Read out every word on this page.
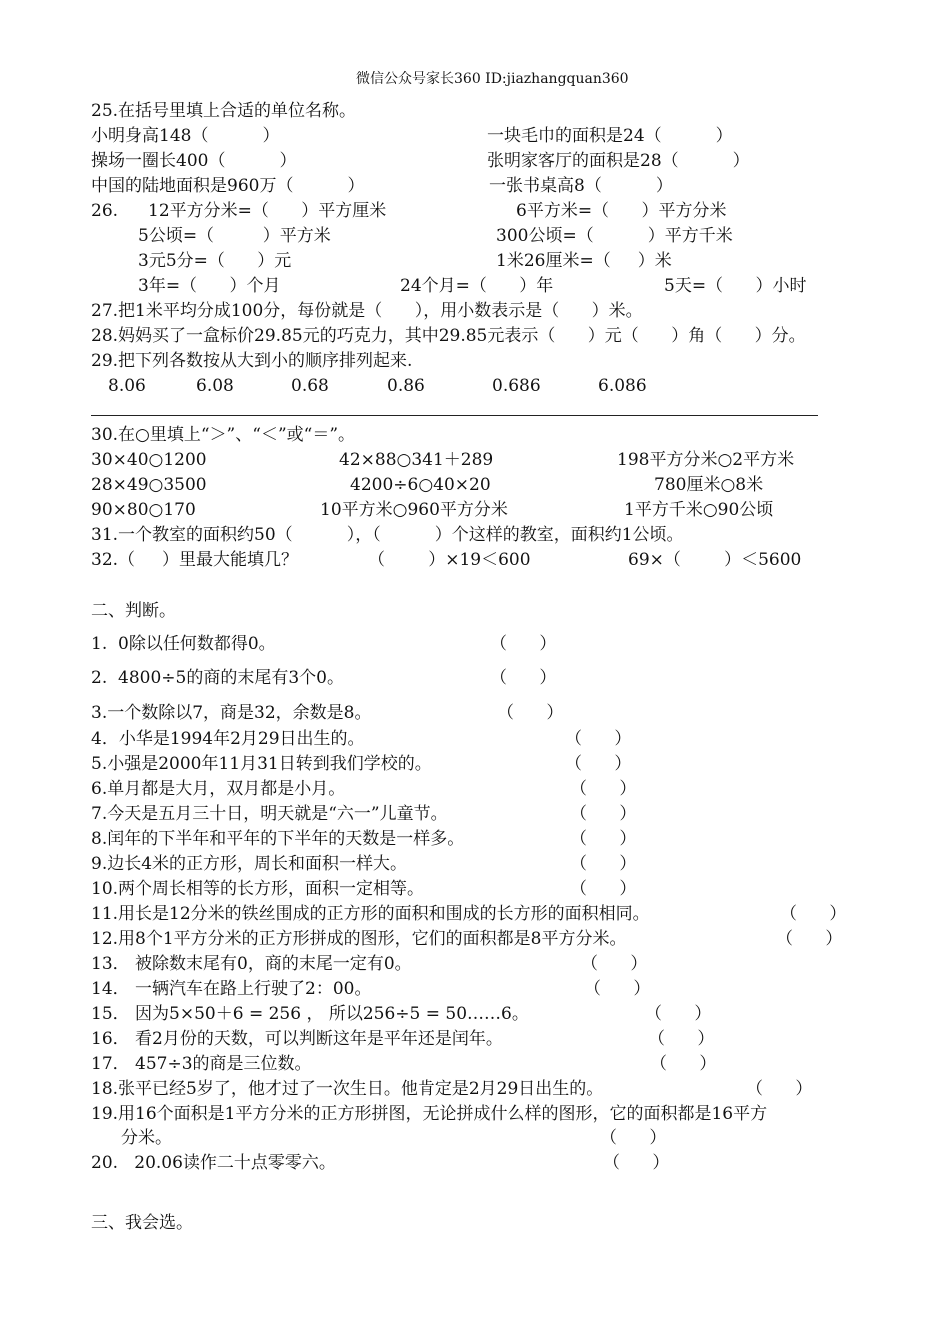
微信公众号家长360 ID:jiazhangquan360
25.在括号里填上合适的单位名称。
小明身高148（          ）	一块毛巾的面积是24（          ）
操场一圈长400（          ）	张明家客厅的面积是28（          ）
中国的陆地面积是960万（          ）	一张书桌高8（          ）
26. 12平方分米=（      ）平方厘米	6平方米=（      ）平方分米
5公顷=（         ）平方米	300公顷=（          ）平方千米
3元5分=（      ）元	1米26厘米=（     ）米
3年=（      ）个月	24个月=（      ）年	5天=（      ）小时
27.把1米平均分成100分，每份就是（      ），用小数表示是（      ）米。
28.妈妈买了一盒标价29.85元的巧克力，其中29.85元表示（      ）元（      ）角（      ）分。
29.把下列各数按从大到小的顺序排列起来.
8.06	6.08	0.68	0.86	0.686	6.086
30.在○里填上“＞”、“＜”或“＝”。
30×40○1200	42×88○341＋289	198平方分米○2平方米
28×49○3500	4200÷6○40×20	780厘米○8米
90×80○170	10平方米○960平方分米	1平方千米○90公顷
31.一个教室的面积约50（          ），（          ）个这样的教室，面积约1公顷。
32.（     ）里最大能填几？	（        ）×19＜600	69×（        ）＜5600
二、判断。
1.  0除以任何数都得0。	（      ）
2.  4800÷5的商的末尾有3个0。	（      ）
3.一个数除以7，商是32，余数是8。	（      ）
4．小华是1994年2月29日出生的。	（      ）
5.小强是2000年11月31日转到我们学校的。	（      ）
6.单月都是大月，双月都是小月。	（      ）
7.今天是五月三十日，明天就是“六一”儿童节。	（      ）
8.闰年的下半年和平年的下半年的天数是一样多。	（      ）
9.边长4米的正方形，周长和面积一样大。	（      ）
10.两个周长相等的长方形，面积一定相等。	（      ）
11.用长是12分米的铁丝围成的正方形的面积和围成的长方形的面积相同。	（      ）
12.用8个1平方分米的正方形拼成的图形，它们的面积都是8平方分米。	（      ）
13． 被除数末尾有0，商的末尾一定有0。	（      ）
14． 一辆汽车在路上行驶了2：00。	（      ）
15． 因为5×50＋6 = 256 ， 所以256÷5 = 50……6。	（      ）
16． 看2月份的天数，可以判断这年是平年还是闰年。	（      ）
17． 457÷3的商是三位数。	（      ）
18.张平已经5岁了，他才过了一次生日。他肯定是2月29日出生的。	（      ）
19.用16个面积是1平方分米的正方形拼图，无论拼成什么样的图形，它的面积都是16平方
分米。	（      ）
20.   20.06读作二十点零零六。	（      ）
三、我会选。
